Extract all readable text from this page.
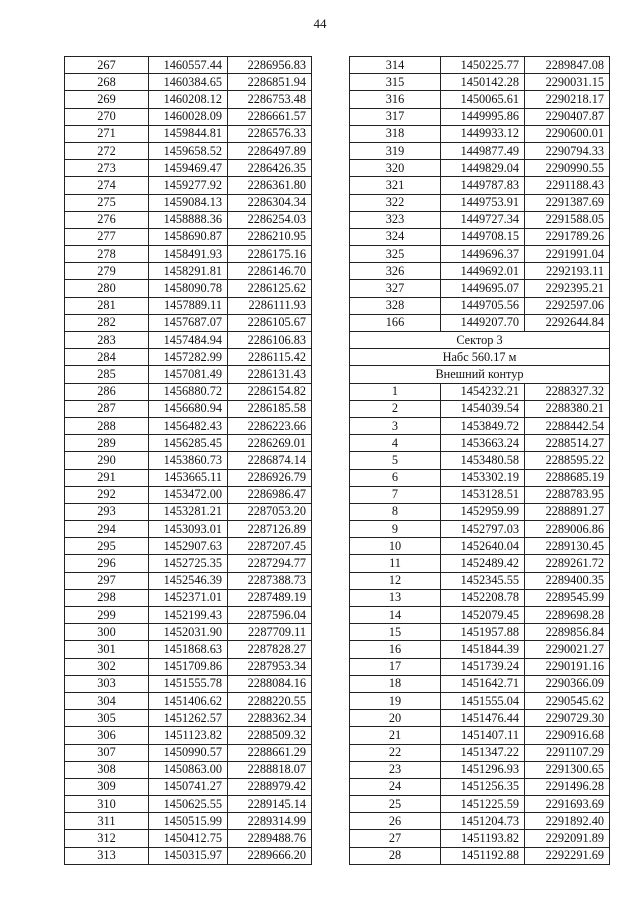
44
267	1460557.44	2286956.83
268	1460384.65	2286851.94
269	1460208.12	2286753.48
270	1460028.09	2286661.57
271	1459844.81	2286576.33
272	1459658.52	2286497.89
273	1459469.47	2286426.35
274	1459277.92	2286361.80
275	1459084.13	2286304.34
276	1458888.36	2286254.03
277	1458690.87	2286210.95
278	1458491.93	2286175.16
279	1458291.81	2286146.70
280	1458090.78	2286125.62
281	1457889.11	2286111.93
282	1457687.07	2286105.67
283	1457484.94	2286106.83
284	1457282.99	2286115.42
285	1457081.49	2286131.43
286	1456880.72	2286154.82
287	1456680.94	2286185.58
288	1456482.43	2286223.66
289	1456285.45	2286269.01
290	1453860.73	2286874.14
291	1453665.11	2286926.79
292	1453472.00	2286986.47
293	1453281.21	2287053.20
294	1453093.01	2287126.89
295	1452907.63	2287207.45
296	1452725.35	2287294.77
297	1452546.39	2287388.73
298	1452371.01	2287489.19
299	1452199.43	2287596.04
300	1452031.90	2287709.11
301	1451868.63	2287828.27
302	1451709.86	2287953.34
303	1451555.78	2288084.16
304	1451406.62	2288220.55
305	1451262.57	2288362.34
306	1451123.82	2288509.32
307	1450990.57	2288661.29
308	1450863.00	2288818.07
309	1450741.27	2288979.42
310	1450625.55	2289145.14
311	1450515.99	2289314.99
312	1450412.75	2289488.76
313	1450315.97	2289666.20
314	1450225.77	2289847.08
315	1450142.28	2290031.15
316	1450065.61	2290218.17
317	1449995.86	2290407.87
318	1449933.12	2290600.01
319	1449877.49	2290794.33
320	1449829.04	2290990.55
321	1449787.83	2291188.43
322	1449753.91	2291387.69
323	1449727.34	2291588.05
324	1449708.15	2291789.26
325	1449696.37	2291991.04
326	1449692.01	2292193.11
327	1449695.07	2292395.21
328	1449705.56	2292597.06
166	1449207.70	2292644.84
Сектор 3		
Набс 560.17 м		
Внешний контур		
1	1454232.21	2288327.32
2	1454039.54	2288380.21
3	1453849.72	2288442.54
4	1453663.24	2288514.27
5	1453480.58	2288595.22
6	1453302.19	2288685.19
7	1453128.51	2288783.95
8	1452959.99	2288891.27
9	1452797.03	2289006.86
10	1452640.04	2289130.45
11	1452489.42	2289261.72
12	1452345.55	2289400.35
13	1452208.78	2289545.99
14	1452079.45	2289698.28
15	1451957.88	2289856.84
16	1451844.39	2290021.27
17	1451739.24	2290191.16
18	1451642.71	2290366.09
19	1451555.04	2290545.62
20	1451476.44	2290729.30
21	1451407.11	2290916.68
22	1451347.22	2291107.29
23	1451296.93	2291300.65
24	1451256.35	2291496.28
25	1451225.59	2291693.69
26	1451204.73	2291892.40
27	1451193.82	2292091.89
28	1451192.88	2292291.69
